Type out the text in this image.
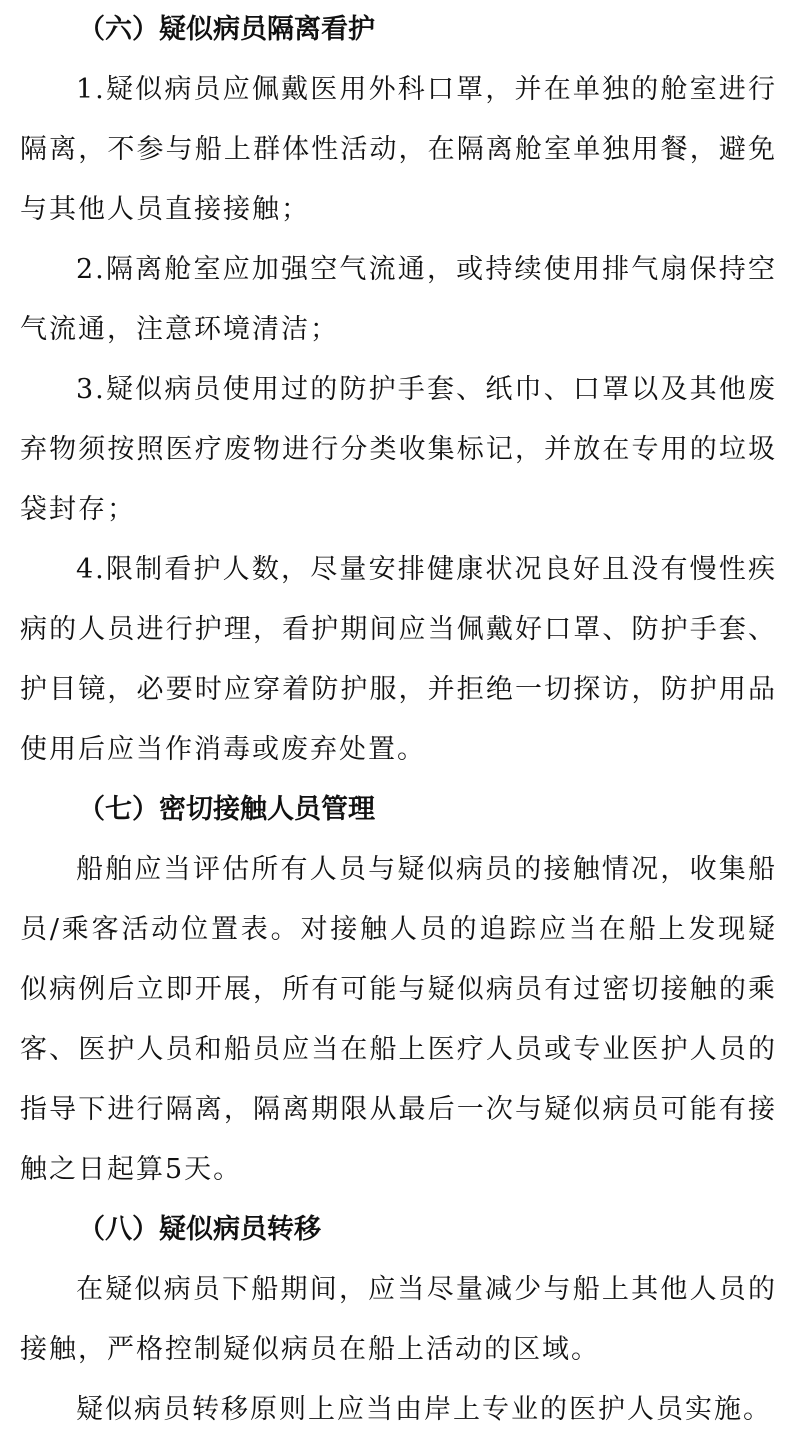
（六）疑似病员隔离看护

1.疑似病员应佩戴医用外科口罩，并在单独的舱室进行隔离，不参与船上群体性活动，在隔离舱室单独用餐，避免与其他人员直接接触；

2.隔离舱室应加强空气流通，或持续使用排气扇保持空气流通，注意环境清洁；

3.疑似病员使用过的防护手套、纸巾、口罩以及其他废弃物须按照医疗废物进行分类收集标记，并放在专用的垃圾袋封存；

4.限制看护人数，尽量安排健康状况良好且没有慢性疾病的人员进行护理，看护期间应当佩戴好口罩、防护手套、护目镜，必要时应穿着防护服，并拒绝一切探访，防护用品使用后应当作消毒或废弃处置。

（七）密切接触人员管理

船舶应当评估所有人员与疑似病员的接触情况，收集船员/乘客活动位置表。对接触人员的追踪应当在船上发现疑似病例后立即开展，所有可能与疑似病员有过密切接触的乘客、医护人员和船员应当在船上医疗人员或专业医护人员的指导下进行隔离，隔离期限从最后一次与疑似病员可能有接触之日起算5天。

（八）疑似病员转移

在疑似病员下船期间，应当尽量减少与船上其他人员的接触，严格控制疑似病员在船上活动的区域。

疑似病员转移原则上应当由岸上专业的医护人员实施。
